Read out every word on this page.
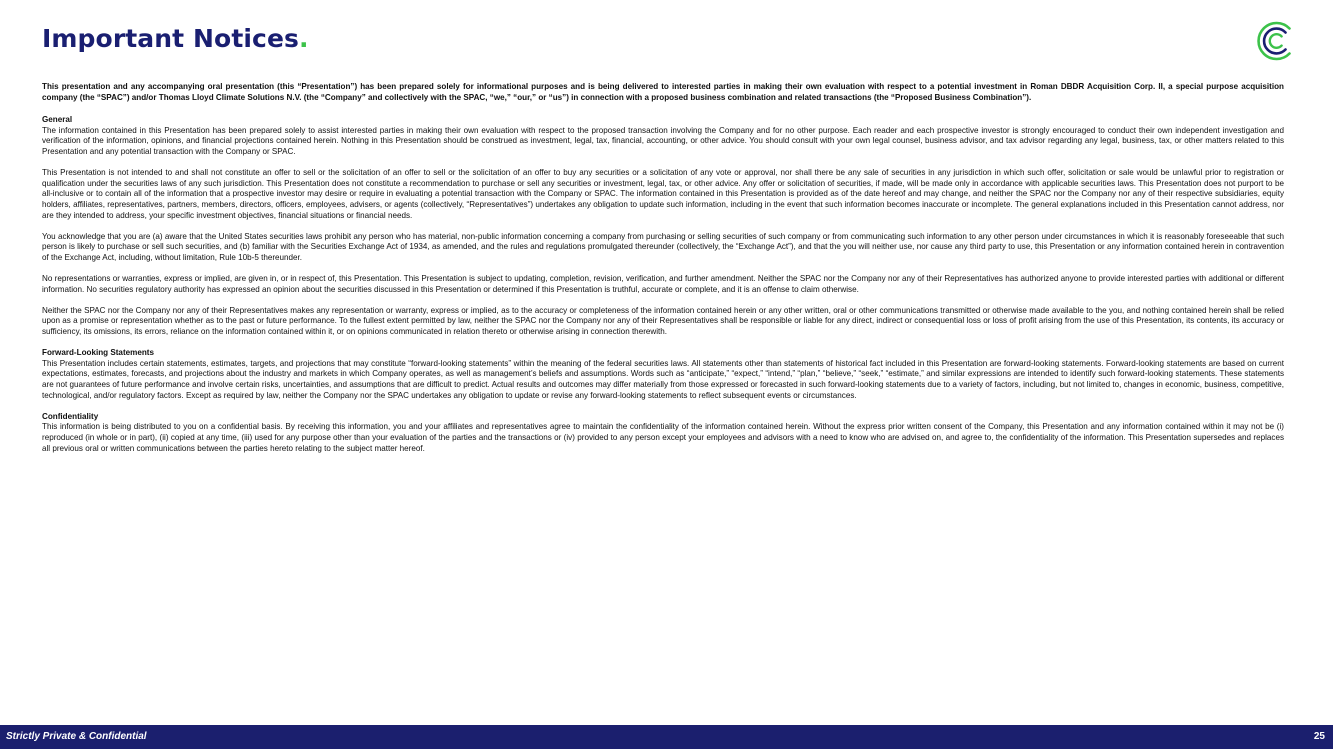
Important Notices.

This presentation and any accompanying oral presentation (this “Presentation”) has been prepared solely for informational purposes and is being delivered to interested parties in making their own evaluation with respect to a potential investment in Roman DBDR Acquisition Corp. II, a special purpose acquisition company (the “SPAC”) and/or Thomas Lloyd Climate Solutions N.V. (the “Company” and collectively with the SPAC, “we,” “our,” or “us”) in connection with a proposed business combination and related transactions (the “Proposed Business Combination”).

General

The information contained in this Presentation has been prepared solely to assist interested parties in making their own evaluation with respect to the proposed transaction involving the Company and for no other purpose. Each reader and each prospective investor is strongly encouraged to conduct their own independent investigation and verification of the information, opinions, and financial projections contained herein. Nothing in this Presentation should be construed as investment, legal, tax, financial, accounting, or other advice. You should consult with your own legal counsel, business advisor, and tax advisor regarding any legal, business, tax, or other matters related to this Presentation and any potential transaction with the Company or SPAC.

This Presentation is not intended to and shall not constitute an offer to sell or the solicitation of an offer to sell or the solicitation of an offer to buy any securities or a solicitation of any vote or approval, nor shall there be any sale of securities in any jurisdiction in which such offer, solicitation or sale would be unlawful prior to registration or qualification under the securities laws of any such jurisdiction. This Presentation does not constitute a recommendation to purchase or sell any securities or investment, legal, tax, or other advice. Any offer or solicitation of securities, if made, will be made only in accordance with applicable securities laws. This Presentation does not purport to be all-inclusive or to contain all of the information that a prospective investor may desire or require in evaluating a potential transaction with the Company or SPAC. The information contained in this Presentation is provided as of the date hereof and may change, and neither the SPAC nor the Company nor any of their respective subsidiaries, equity holders, affiliates, representatives, partners, members, directors, officers, employees, advisers, or agents (collectively, “Representatives”) undertakes any obligation to update such information, including in the event that such information becomes inaccurate or incomplete. The general explanations included in this Presentation cannot address, nor are they intended to address, your specific investment objectives, financial situations or financial needs.

You acknowledge that you are (a) aware that the United States securities laws prohibit any person who has material, non-public information concerning a company from purchasing or selling securities of such company or from communicating such information to any other person under circumstances in which it is reasonably foreseeable that such person is likely to purchase or sell such securities, and (b) familiar with the Securities Exchange Act of 1934, as amended, and the rules and regulations promulgated thereunder (collectively, the “Exchange Act”), and that the you will neither use, nor cause any third party to use, this Presentation or any information contained herein in contravention of the Exchange Act, including, without limitation, Rule 10b-5 thereunder.

No representations or warranties, express or implied, are given in, or in respect of, this Presentation. This Presentation is subject to updating, completion, revision, verification, and further amendment. Neither the SPAC nor the Company nor any of their Representatives has authorized anyone to provide interested parties with additional or different information. No securities regulatory authority has expressed an opinion about the securities discussed in this Presentation or determined if this Presentation is truthful, accurate or complete, and it is an offense to claim otherwise.

Neither the SPAC nor the Company nor any of their Representatives makes any representation or warranty, express or implied, as to the accuracy or completeness of the information contained herein or any other written, oral or other communications transmitted or otherwise made available to the you, and nothing contained herein shall be relied upon as a promise or representation whether as to the past or future performance. To the fullest extent permitted by law, neither the SPAC nor the Company nor any of their Representatives shall be responsible or liable for any direct, indirect or consequential loss or loss of profit arising from the use of this Presentation, its contents, its accuracy or sufficiency, its omissions, its errors, reliance on the information contained within it, or on opinions communicated in relation thereto or otherwise arising in connection therewith.

Forward-Looking Statements

This Presentation includes certain statements, estimates, targets, and projections that may constitute “forward-looking statements” within the meaning of the federal securities laws. All statements other than statements of historical fact included in this Presentation are forward-looking statements. Forward-looking statements are based on current expectations, estimates, forecasts, and projections about the industry and markets in which Company operates, as well as management’s beliefs and assumptions. Words such as “anticipate,” “expect,” “intend,” “plan,” “believe,” “seek,” “estimate,” and similar expressions are intended to identify such forward-looking statements. These statements are not guarantees of future performance and involve certain risks, uncertainties, and assumptions that are difficult to predict. Actual results and outcomes may differ materially from those expressed or forecasted in such forward-looking statements due to a variety of factors, including, but not limited to, changes in economic, business, competitive, technological, and/or regulatory factors. Except as required by law, neither the Company nor the SPAC undertakes any obligation to update or revise any forward-looking statements to reflect subsequent events or circumstances.

Confidentiality

This information is being distributed to you on a confidential basis. By receiving this information, you and your affiliates and representatives agree to maintain the confidentiality of the information contained herein. Without the express prior written consent of the Company, this Presentation and any information contained within it may not be (i) reproduced (in whole or in part), (ii) copied at any time, (iii) used for any purpose other than your evaluation of the parties and the transactions or (iv) provided to any person except your employees and advisors with a need to know who are advised on, and agree to, the confidentiality of the information. This Presentation supersedes and replaces all previous oral or written communications between the parties hereto relating to the subject matter hereof.

Strictly Private & Confidential	25
